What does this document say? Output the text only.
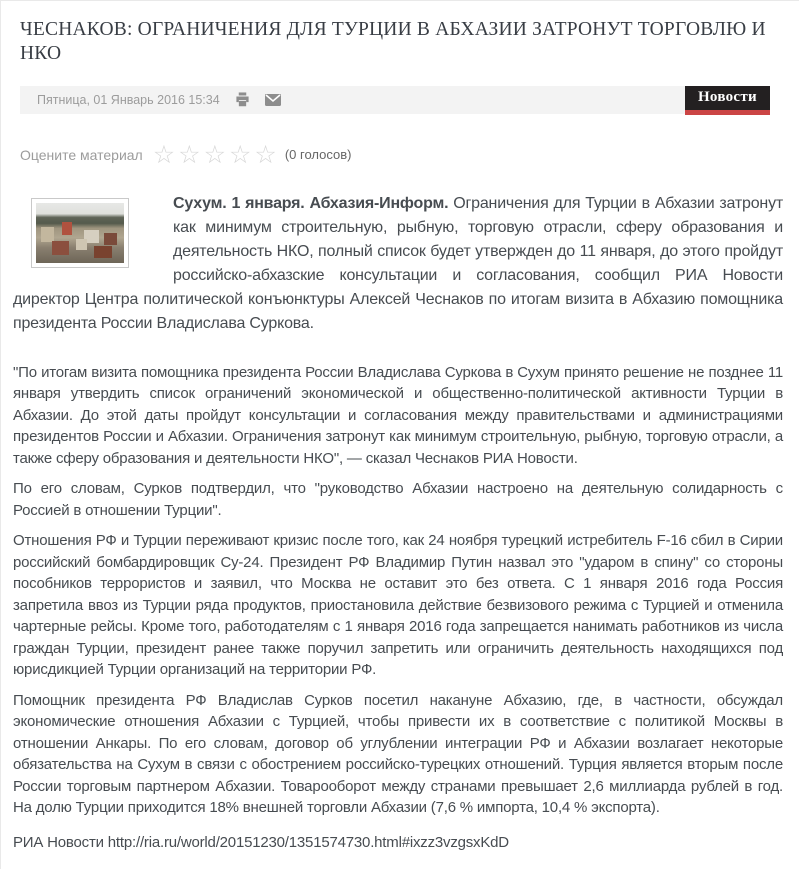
ЧЕСНАКОВ: ОГРАНИЧЕНИЯ ДЛЯ ТУРЦИИ В АБХАЗИИ ЗАТРОНУТ ТОРГОВЛЮ И НКО
Пятница, 01 Январь 2016 15:34	Новости
Оцените материал ☆ ☆ ☆ ☆ ☆ (0 голосов)

Сухум. 1 января. Абхазия-Информ. Ограничения для Турции в Абхазии затронут как минимум строительную, рыбную, торговую отрасли, сферу образования и деятельность НКО, полный список будет утвержден до 11 января, до этого пройдут российско-абхазские консультации и согласования, сообщил РИА Новости директор Центра политической конъюнктуры Алексей Чеснаков по итогам визита в Абхазию помощника президента России Владислава Суркова.

"По итогам визита помощника президента России Владислава Суркова в Сухум принято решение не позднее 11 января утвердить список ограничений экономической и общественно-политической активности Турции в Абхазии. До этой даты пройдут консультации и согласования между правительствами и администрациями президентов России и Абхазии. Ограничения затронут как минимум строительную, рыбную, торговую отрасли, а также сферу образования и деятельности НКО", — сказал Чеснаков РИА Новости.

По его словам, Сурков подтвердил, что "руководство Абхазии настроено на деятельную солидарность с Россией в отношении Турции".

Отношения РФ и Турции переживают кризис после того, как 24 ноября турецкий истребитель F-16 сбил в Сирии российский бомбардировщик Су-24. Президент РФ Владимир Путин назвал это "ударом в спину" со стороны пособников террористов и заявил, что Москва не оставит это без ответа. С 1 января 2016 года Россия запретила ввоз из Турции ряда продуктов, приостановила действие безвизового режима с Турцией и отменила чартерные рейсы. Кроме того, работодателям с 1 января 2016 года запрещается нанимать работников из числа граждан Турции, президент ранее также поручил запретить или ограничить деятельность находящихся под юрисдикцией Турции организаций на территории РФ.

Помощник президента РФ Владислав Сурков посетил накануне Абхазию, где, в частности, обсуждал экономические отношения Абхазии с Турцией, чтобы привести их в соответствие с политикой Москвы в отношении Анкары. По его словам, договор об углублении интеграции РФ и Абхазии возлагает некоторые обязательства на Сухум в связи с обострением российско-турецких отношений. Турция является вторым после России торговым партнером Абхазии. Товарооборот между странами превышает 2,6 миллиарда рублей в год. На долю Турции приходится 18% внешней торговли Абхазии (7,6 % импорта, 10,4 % экспорта).

РИА Новости http://ria.ru/world/20151230/1351574730.html#ixzz3vzgsxKdD
